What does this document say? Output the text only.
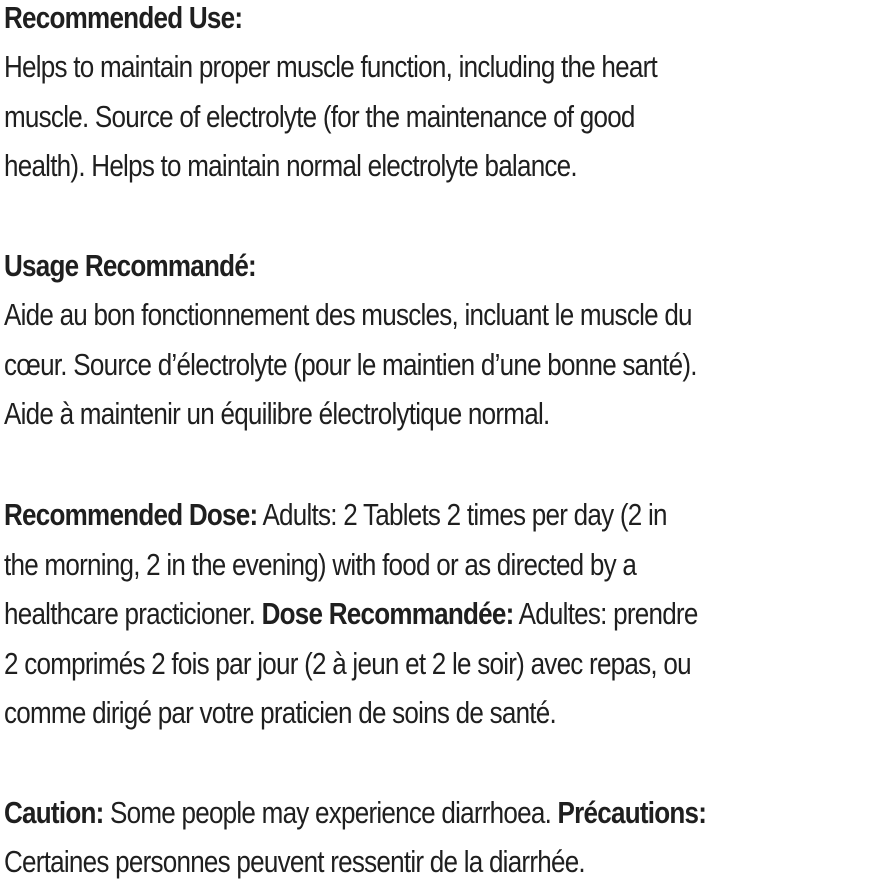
Recommended Use:
Helps to maintain proper muscle function, including the heart
muscle. Source of electrolyte (for the maintenance of good
health). Helps to maintain normal electrolyte balance.
Usage Recommandé:
Aide au bon fonctionnement des muscles, incluant le muscle du
cœur. Source d’électrolyte (pour le maintien d’une bonne santé).
Aide à maintenir un équilibre électrolytique normal.
Recommended Dose: Adults: 2 Tablets 2 times per day (2 in
the morning, 2 in the evening) with food or as directed by a
healthcare practicioner. Dose Recommandée: Adultes: prendre
2 comprimés 2 fois par jour (2 à jeun et 2 le soir) avec repas, ou
comme dirigé par votre praticien de soins de santé.
Caution: Some people may experience diarrhoea. Précautions:
Certaines personnes peuvent ressentir de la diarrhée.
